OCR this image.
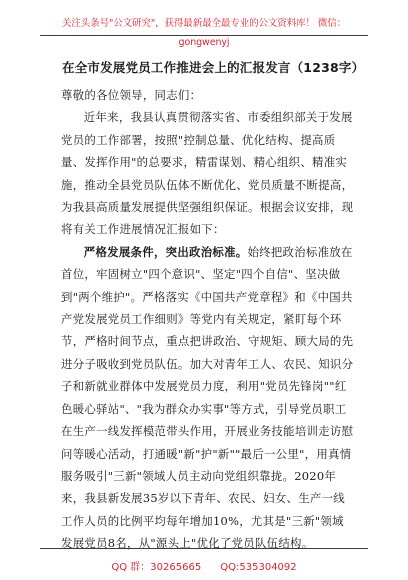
关注头条号"公文研究"，获得最新最全最专业的公文资料库！ 微信：gongwenyj
在全市发展党员工作推进会上的汇报发言（1238字）

尊敬的各位领导，同志们：

近年来，我县认真贯彻落实省、市委组织部关于发展党员的工作部署，按照"控制总量、优化结构、提高质量、发挥作用"的总要求，精雷谋划、精心组织、精准实施，推动全县党员队伍体不断优化、党员质量不断提高，为我县高质量发展提供坚强组织保证。根据会议安排，现将有关工作进展情况汇报如下：

严格发展条件，突出政治标准。始终把政治标准放在首位，牢固树立"四个意识"、坚定"四个自信"、坚决做到"两个维护"。严格落实《中国共产党章程》和《中国共产党发展党员工作细则》等党内有关规定，紧盯每个环节，严格时间节点，重点把讲政治、守规矩、顾大局的先进分子吸收到党员队伍。加大对青年工人、农民、知识分子和新就业群体中发展党员力度，利用"党员先锋岗""红色暖心驿站"、"我为群众办实事"等方式，引导党员职工在生产一线发挥模范带头作用，开展业务技能培训走访慰问等暖心活动，打通暖"新"护"新""最后一公里"，用真情服务吸引"三新"领域人员主动向党组织靠拢。2020年来，我县新发展35岁以下青年、农民、妇女、生产一线工作人员的比例平均每年增加10%，尤其是"三新"领域发展党员8名，从"源头上"优化了党员队伍结构。

QQ 群：30265665 QQ:535304092
